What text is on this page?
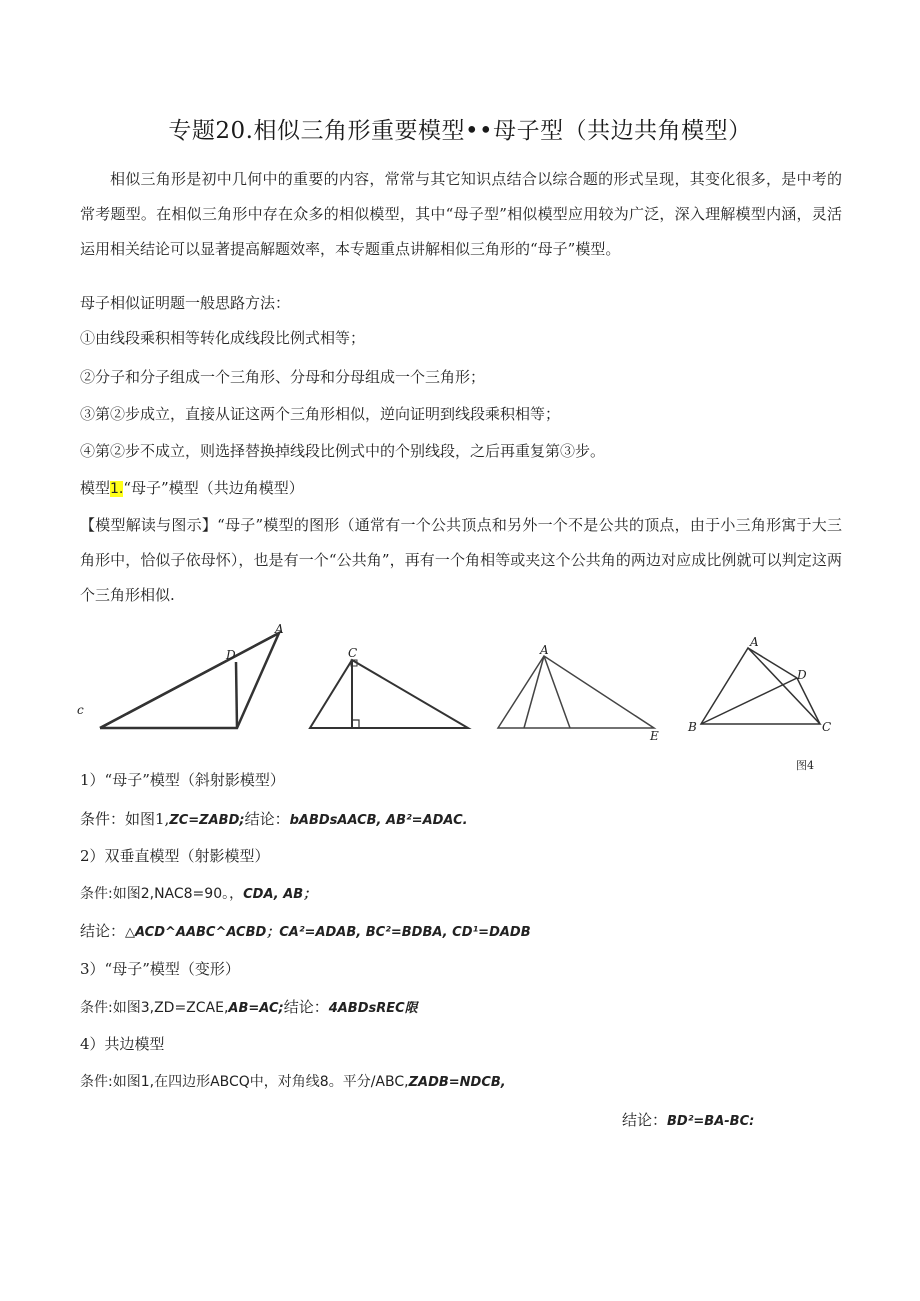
专题20.相似三角形重要模型••母子型（共边共角模型）
相似三角形是初中几何中的重要的内容，常常与其它知识点结合以综合题的形式呈现，其变化很多，是中考的常考题型。在相似三角形中存在众多的相似模型，其中“母子型”相似模型应用较为广泛，深入理解模型内涵，灵活运用相关结论可以显著提高解题效率，本专题重点讲解相似三角形的“母子”模型。
母子相似证明题一般思路方法：
①由线段乘积相等转化成线段比例式相等；
②分子和分子组成一个三角形、分母和分母组成一个三角形；
③第②步成立，直接从证这两个三角形相似，逆向证明到线段乘积相等；
④第②步不成立，则选择替换掉线段比例式中的个别线段，之后再重复第③步。
模型1.“母子”模型（共边角模型）
【模型解读与图示】“母子”模型的图形（通常有一个公共顶点和另外一个不是公共的顶点，由于小三角形寓于大三角形中，恰似子依母怀），也是有一个“公共角”，再有一个角相等或夹这个公共角的两边对应成比例就可以判定这两个三角形相似.
A
D
c
C	A
E
A
D
B	C
图4
1）“母子”模型（斜射影模型）
条件：如图1,ZC=ZABD;结论：bABDsAACB, AB²=ADAC.
2）双垂直模型（射影模型）
条件:如图2,NAC8=90。，CDA, AB；
结论：△ACD^AABC^ACBD；CA²=ADAB, BC²=BDBA, CD¹=DADB
3）“母子”模型（变形）
条件:如图3,ZD=ZCAE,AB=AC;结论：4ABDsREC限
4）共边模型
条件:如图1,在四边形ABCQ中，对角线8。平分/ABC,ZADB=NDCB,
结论：BD²=BA-BC:
